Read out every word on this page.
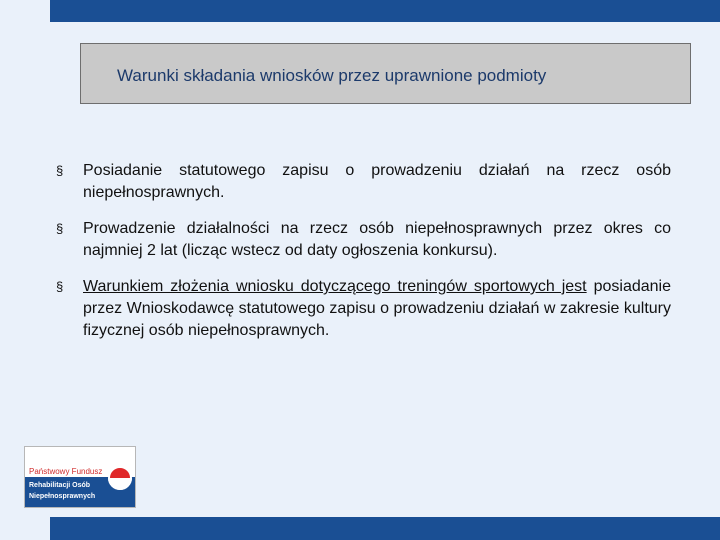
Warunki składania wniosków przez uprawnione podmioty
§ Posiadanie statutowego zapisu o prowadzeniu działań na rzecz osób niepełnosprawnych.
§ Prowadzenie działalności na rzecz osób niepełnosprawnych przez okres co najmniej 2 lat (licząc wstecz od daty ogłoszenia konkursu).
§ Warunkiem złożenia wniosku dotyczącego treningów sportowych jest posiadanie przez Wnioskodawcę statutowego zapisu o prowadzeniu działań w zakresie kultury fizycznej osób niepełnosprawnych.
Państwowy Fundusz
Rehabilitacji Osób
Niepełnosprawnych
